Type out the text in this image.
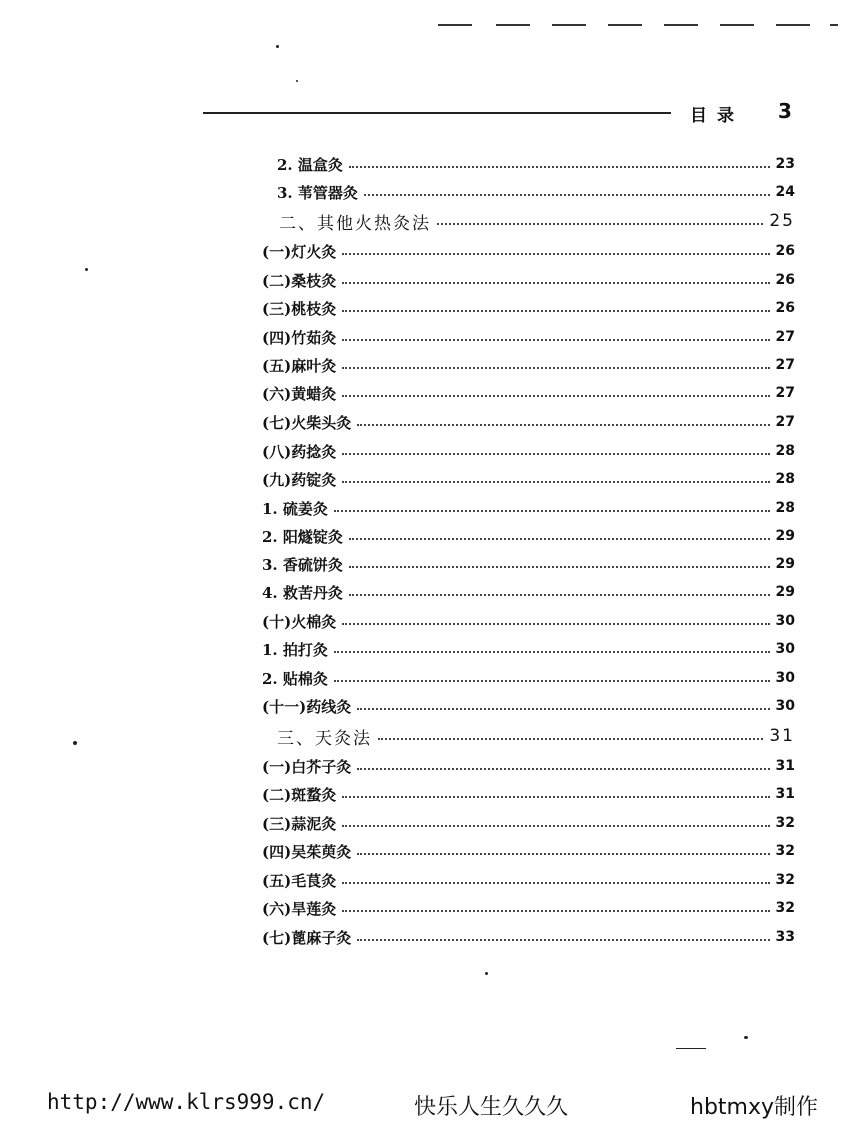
目录 3
2. 温盒灸	23
3. 苇管器灸	24
二、其他火热灸法	25
(一)灯火灸	26
(二)桑枝灸	26
(三)桃枝灸	26
(四)竹茹灸	27
(五)麻叶灸	27
(六)黄蜡灸	27
(七)火柴头灸	27
(八)药捻灸	28
(九)药锭灸	28
1. 硫姜灸	28
2. 阳燧锭灸	29
3. 香硫饼灸	29
4. 救苦丹灸	29
(十)火棉灸	30
1. 拍打灸	30
2. 贴棉灸	30
(十一)药线灸	30
三、天灸法	31
(一)白芥子灸	31
(二)斑蝥灸	31
(三)蒜泥灸	32
(四)吴茱萸灸	32
(五)毛茛灸	32
(六)旱莲灸	32
(七)蓖麻子灸	33
http://www.klrs999.cn/	快乐人生久久久	hbtmxy制作
